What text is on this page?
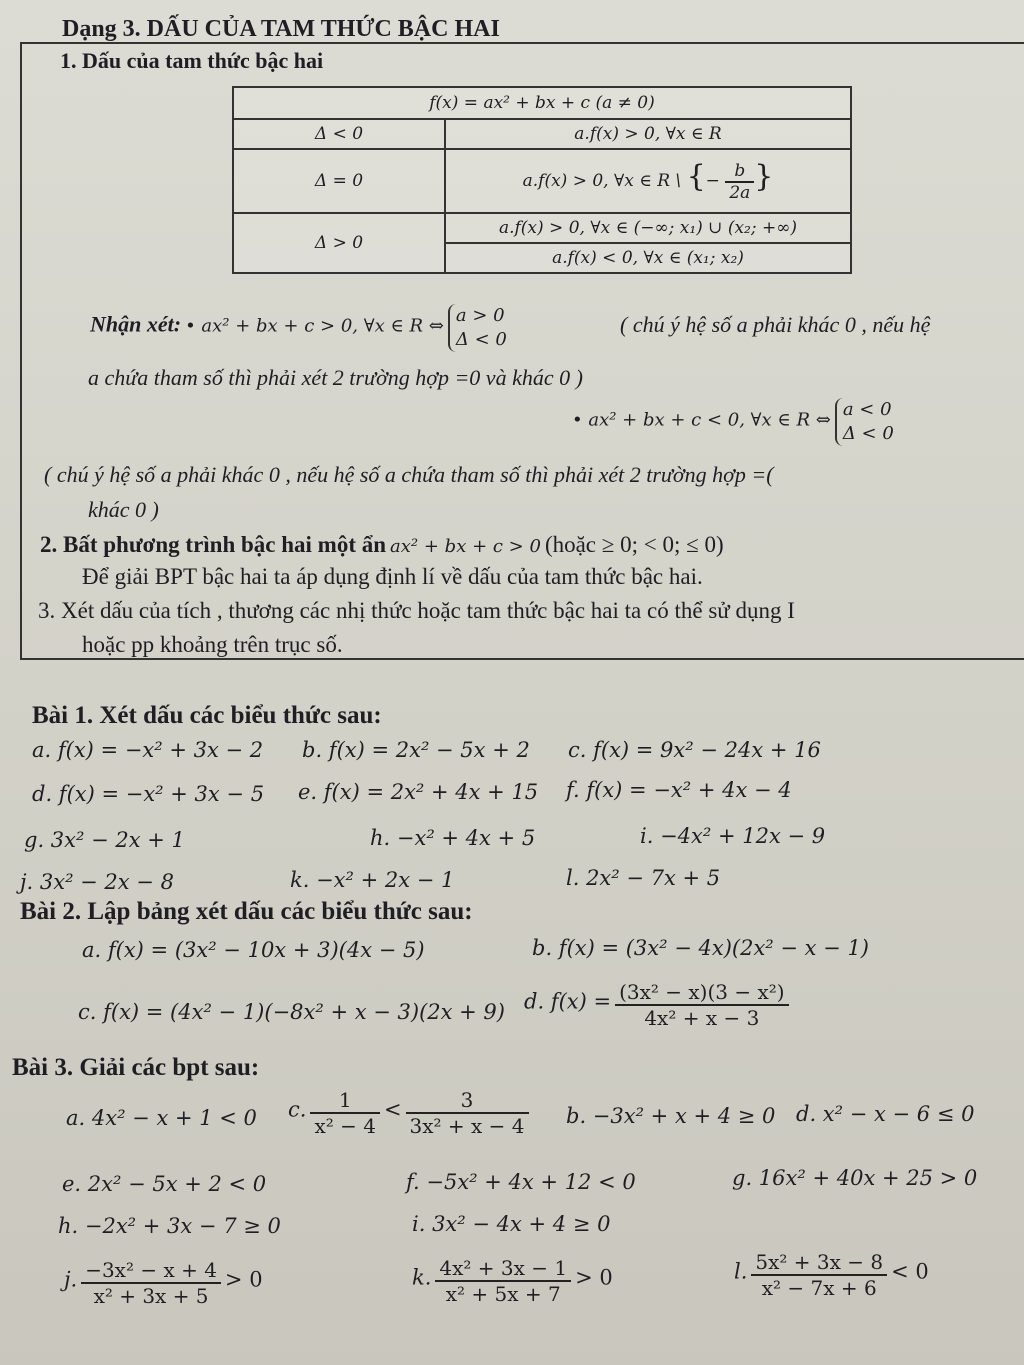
Dạng 3. DẤU CỦA TAM THỨC BẬC HAI
1. Dấu của tam thức bậc hai
f(x) = ax² + bx + c (a ≠ 0)	
Δ < 0	a.f(x) > 0, ∀x ∈ R
Δ = 0	a.f(x) > 0, ∀x ∈ R \ {− $\frac{b}{2a}$ }
Δ > 0	a.f(x) > 0, ∀x ∈ (−∞; x₁) ∪ (x₂; +∞)
	a.f(x) < 0, ∀x ∈ (x₁; x₂)
Nhận xét: • ax² + bx + c > 0, ∀x ∈ R ⇔
a > 0
Δ < 0
( chú ý hệ số a phải khác 0 , nếu hệ
a chứa tham số thì phải xét 2 trường hợp =0 và khác 0 )
• ax² + bx + c < 0, ∀x ∈ R ⇔
a < 0
Δ < 0
( chú ý hệ số a phải khác 0 , nếu hệ số a chứa tham số thì phải xét 2 trường hợp =(
khác 0 )
2. Bất phương trình bậc hai một ẩn ax² + bx + c > 0 (hoặc ≥ 0; < 0; ≤ 0)
Để giải BPT bậc hai ta áp dụng định lí về dấu của tam thức bậc hai.
3. Xét dấu của tích , thương các nhị thức hoặc tam thức bậc hai ta có thể sử dụng I
hoặc pp khoảng trên trục số.
Bài 1. Xét dấu các biểu thức sau:
a. f(x) = −x² + 3x − 2 b. f(x) = 2x² − 5x + 2 c. f(x) = 9x² − 24x + 16
d. f(x) = −x² + 3x − 5 e. f(x) = 2x² + 4x + 15 f. f(x) = −x² + 4x − 4
g. 3x² − 2x + 1	h. −x² + 4x + 5	i. −4x² + 12x − 9
j. 3x² − 2x − 8	k. −x² + 2x − 1	l. 2x² − 7x + 5
Bài 2. Lập bảng xét dấu các biểu thức sau:
a. f(x) = (3x² − 10x + 3)(4x − 5)	b. f(x) = (3x² − 4x)(2x² − x − 1)
c. f(x) = (4x² − 1)(−8x² + x − 3)(2x + 9) d. $f(x) = \frac{\text{(3x² − x)(3 − x²)}}{\text{4x² + x − 3}}$
Bài 3. Giải các bpt sau:
a. 4x² − x + 1 < 0 c. $\frac{1}{\text{x² − 4}} < \frac{3}{\text{3x² + x − 4}} b$. −3x² + x + 4 ≥ 0 d. x² − x − 6 ≤ 0
e. 2x² − 5x + 2 < 0	f. −5x² + 4x + 12 < 0	g. 16x² + 40x + 25 > 0
h. −2x² + 3x − 7 ≥ 0	i. 3x² − 4x + 4 ≥ 0
j. $\frac{\text{−3x² − x + 4}}{\text{x² + 3x + 5}} > 0$	k. $\frac{\text{4x² + 3x − 1}}{\text{x² + 5x + 7}} > 0$	l. $\frac{\text{5x² + 3x − 8}}{\text{x² − 7x + 6}} < 0$
